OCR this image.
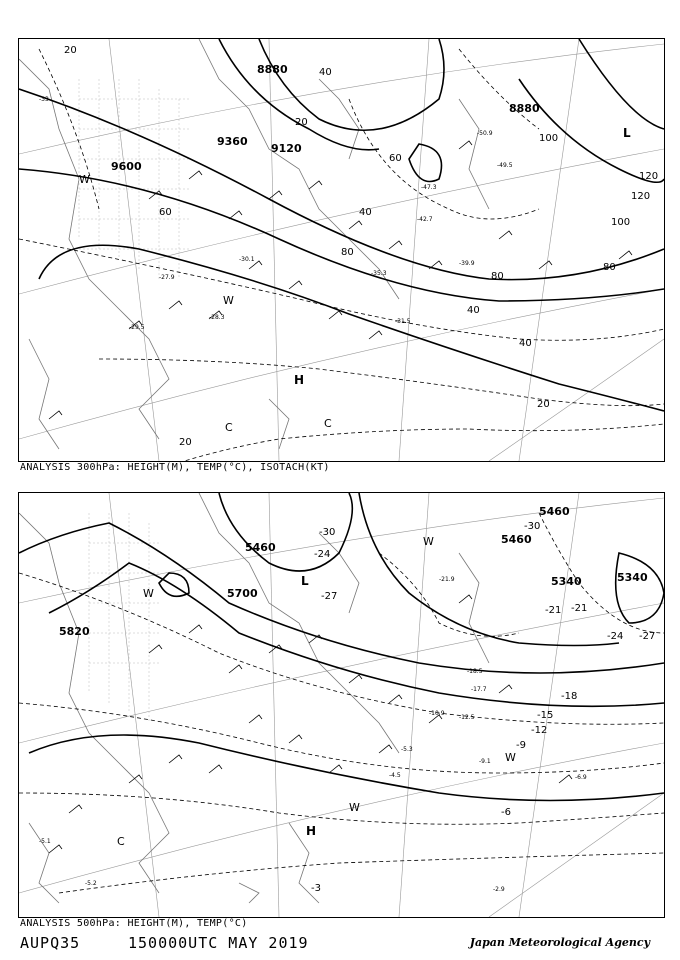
8880
9360
9120
9600
8880
20
40
60
80
100
120
40
60
80
40
20
20
100
120
80
40
20
L
H
C	C
W
W
-33
-31.5
-30.1
-28.3
-27.9
-29.5
-35.3
-47.3
-49.5
-50.9
-42.7
-39.9
ANALYSIS 300hPa: HEIGHT(M), TEMP(°C), ISOTACH(KT)
5340
5460
5700
5820
5460
5340
5460
-30
-24
-27
-21
-18
-15
-12
-9
-6
-3
-30
-27
-24
-21
L
H
W
W
C
W
W
-21.9
-18.5
-17.7
-12.5
-10.9
-9.1
-6.9
-5.3
-4.5
-2.9
-5.1
-5.2
ANALYSIS 500hPa: HEIGHT(M), TEMP(°C)
AUPQ35	150000UTC MAY 2019	Japan Meteorological Agency
